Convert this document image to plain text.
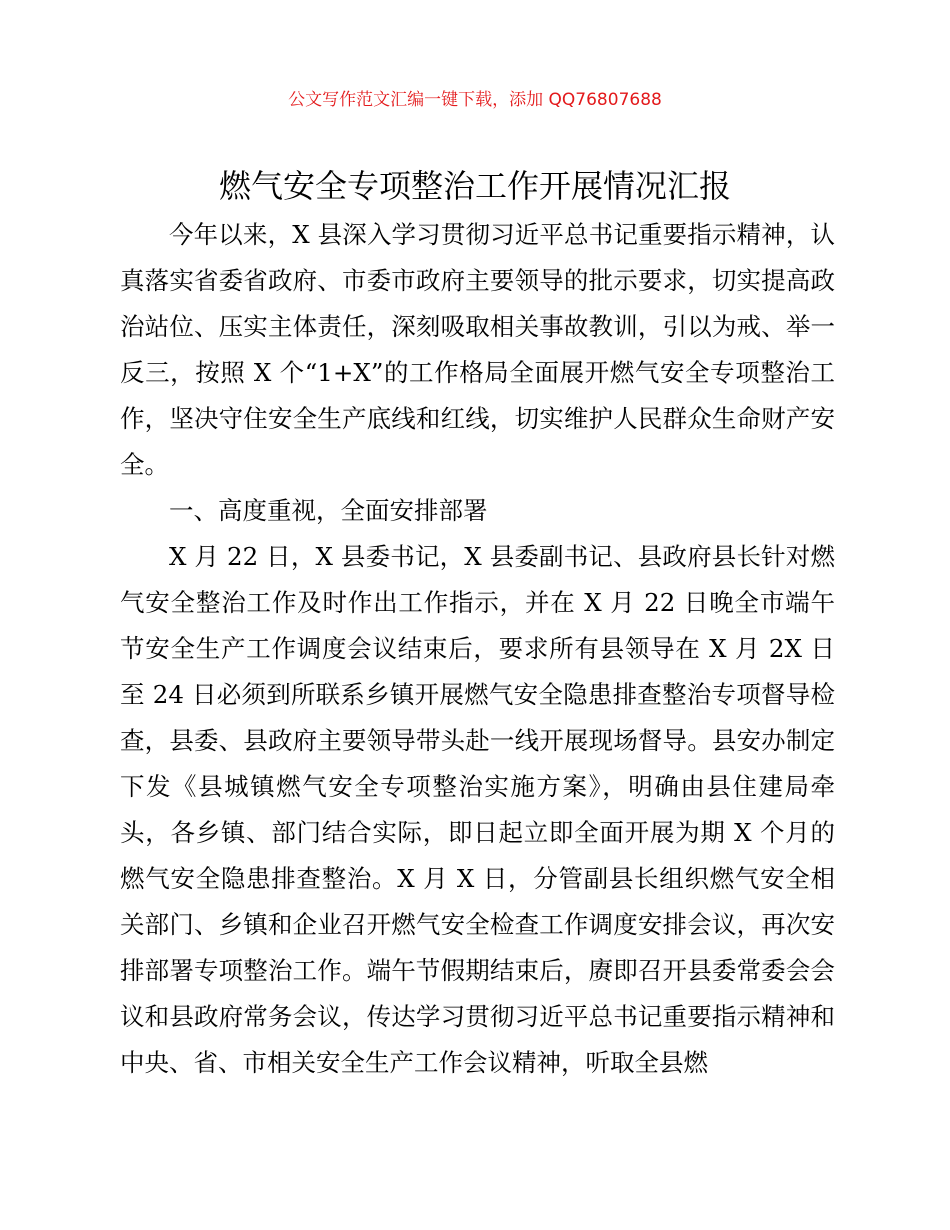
公文写作范文汇编一键下载，添加 QQ76807688
燃气安全专项整治工作开展情况汇报

今年以来，X 县深入学习贯彻习近平总书记重要指示精神，认真落实省委省政府、市委市政府主要领导的批示要求，切实提高政治站位、压实主体责任，深刻吸取相关事故教训，引以为戒、举一反三，按照 X 个“1+X”的工作格局全面展开燃气安全专项整治工作，坚决守住安全生产底线和红线，切实维护人民群众生命财产安全。

一、高度重视，全面安排部署

X 月 22 日，X 县委书记，X 县委副书记、县政府县长针对燃气安全整治工作及时作出工作指示，并在 X 月 22 日晚全市端午节安全生产工作调度会议结束后，要求所有县领导在 X 月 2X 日至 24 日必须到所联系乡镇开展燃气安全隐患排查整治专项督导检查，县委、县政府主要领导带头赴一线开展现场督导。县安办制定下发《县城镇燃气安全专项整治实施方案》，明确由县住建局牵头，各乡镇、部门结合实际，即日起立即全面开展为期 X 个月的燃气安全隐患排查整治。X 月 X 日，分管副县长组织燃气安全相关部门、乡镇和企业召开燃气安全检查工作调度安排会议，再次安排部署专项整治工作。端午节假期结束后，赓即召开县委常委会会议和县政府常务会议，传达学习贯彻习近平总书记重要指示精神和中央、省、市相关安全生产工作会议精神，听取全县燃
